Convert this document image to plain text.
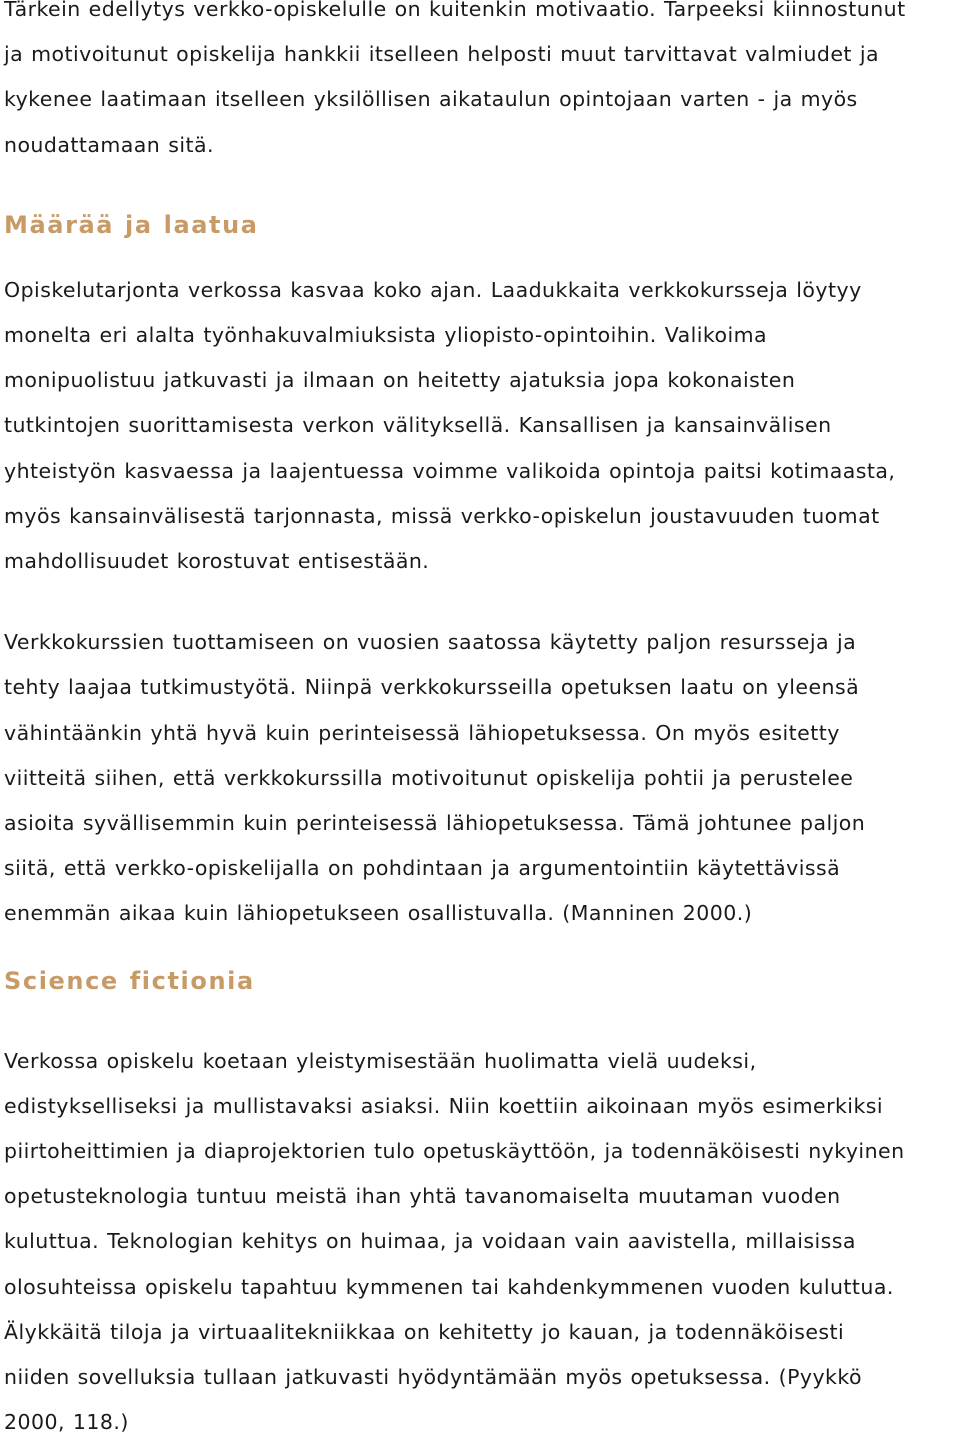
Tärkein edellytys verkko-opiskelulle on kuitenkin motivaatio. Tarpeeksi kiinnostunut
ja motivoitunut opiskelija hankkii itselleen helposti muut tarvittavat valmiudet ja
kykenee laatimaan itselleen yksilöllisen aikataulun opintojaan varten - ja myös
noudattamaan sitä.

Määrää ja laatua

Opiskelutarjonta verkossa kasvaa koko ajan. Laadukkaita verkkokursseja löytyy
monelta eri alalta työnhakuvalmiuksista yliopisto-opintoihin. Valikoima
monipuolistuu jatkuvasti ja ilmaan on heitetty ajatuksia jopa kokonaisten
tutkintojen suorittamisesta verkon välityksellä. Kansallisen ja kansainvälisen
yhteistyön kasvaessa ja laajentuessa voimme valikoida opintoja paitsi kotimaasta,
myös kansainvälisestä tarjonnasta, missä verkko-opiskelun joustavuuden tuomat
mahdollisuudet korostuvat entisestään.

Verkkokurssien tuottamiseen on vuosien saatossa käytetty paljon resursseja ja
tehty laajaa tutkimustyötä. Niinpä verkkokursseilla opetuksen laatu on yleensä
vähintäänkin yhtä hyvä kuin perinteisessä lähiopetuksessa. On myös esitetty
viitteitä siihen, että verkkokurssilla motivoitunut opiskelija pohtii ja perustelee
asioita syvällisemmin kuin perinteisessä lähiopetuksessa. Tämä johtunee paljon
siitä, että verkko-opiskelijalla on pohdintaan ja argumentointiin käytettävissä
enemmän aikaa kuin lähiopetukseen osallistuvalla. (Manninen 2000.)

Science fictionia

Verkossa opiskelu koetaan yleistymisestään huolimatta vielä uudeksi,
edistykselliseksi ja mullistavaksi asiaksi. Niin koettiin aikoinaan myös esimerkiksi
piirtoheittimien ja diaprojektorien tulo opetuskäyttöön, ja todennäköisesti nykyinen
opetusteknologia tuntuu meistä ihan yhtä tavanomaiselta muutaman vuoden
kuluttua. Teknologian kehitys on huimaa, ja voidaan vain aavistella, millaisissa
olosuhteissa opiskelu tapahtuu kymmenen tai kahdenkymmenen vuoden kuluttua.
Älykkäitä tiloja ja virtuaalitekniikkaa on kehitetty jo kauan, ja todennäköisesti
niiden sovelluksia tullaan jatkuvasti hyödyntämään myös opetuksessa. (Pyykkö
2000, 118.)
